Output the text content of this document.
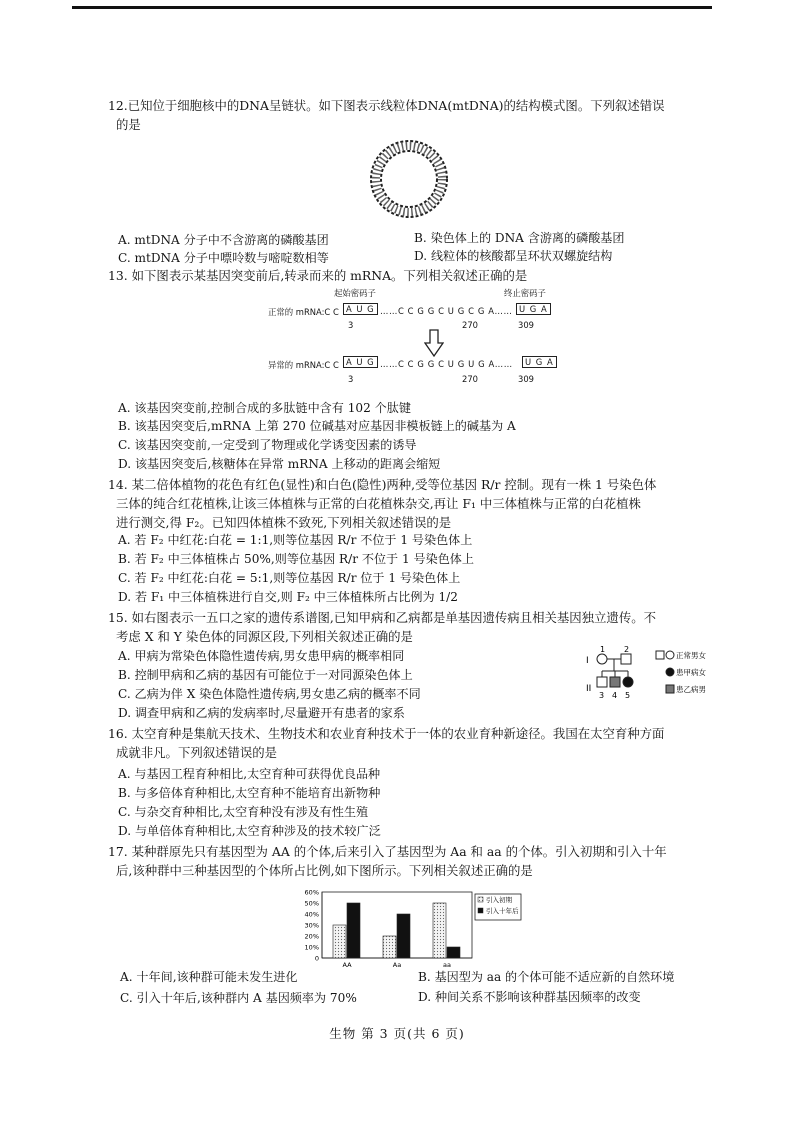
12.已知位于细胞核中的DNA呈链状。如下图表示线粒体DNA(mtDNA)的结构模式图。下列叙述错误
的是
A. mtDNA 分子中不含游离的磷酸基团	B. 染色体上的 DNA 含游离的磷酸基团
C. mtDNA 分子中嘌呤数与嘧啶数相等	D. 线粒体的核酸都呈环状双螺旋结构
13. 如下图表示某基因突变前后,转录而来的 mRNA。下列相关叙述正确的是
起始密码子	终止密码子
正常的 mRNA:C C A U G ……C C G G C U G C G A…… U G A
3	270	309
异常的 mRNA:C C A U G ……C C G G C U G U G A……	U G A
3	270	309
A. 该基因突变前,控制合成的多肽链中含有 102 个肽键
B. 该基因突变后,mRNA 上第 270 位碱基对应基因非模板链上的碱基为 A
C. 该基因突变前,一定受到了物理或化学诱变因素的诱导
D. 该基因突变后,核糖体在异常 mRNA 上移动的距离会缩短
14. 某二倍体植物的花色有红色(显性)和白色(隐性)两种,受等位基因 R/r 控制。现有一株 1 号染色体
三体的纯合红花植株,让该三体植株与正常的白花植株杂交,再让 F₁ 中三体植株与正常的白花植株
进行测交,得 F₂。已知四体植株不致死,下列相关叙述错误的是
A. 若 F₂ 中红花:白花 = 1:1,则等位基因 R/r 不位于 1 号染色体上
B. 若 F₂ 中三体植株占 50%,则等位基因 R/r 不位于 1 号染色体上
C. 若 F₂ 中红花:白花 = 5:1,则等位基因 R/r 位于 1 号染色体上
D. 若 F₁ 中三体植株进行自交,则 F₂ 中三体植株所占比例为 1/2
15. 如右图表示一五口之家的遗传系谱图,已知甲病和乙病都是单基因遗传病且相关基因独立遗传。不
考虑 X 和 Y 染色体的同源区段,下列相关叙述正确的是
A. 甲病为常染色体隐性遗传病,男女患甲病的概率相同
B. 控制甲病和乙病的基因有可能位于一对同源染色体上
C. 乙病为伴 X 染色体隐性遗传病,男女患乙病的概率不同
D. 调查甲病和乙病的发病率时,尽量避开有患者的家系
I
II
1 2
3 4 5
正常男女
患甲病女
患乙病男
16. 太空育种是集航天技术、生物技术和农业育种技术于一体的农业育种新途径。我国在太空育种方面
成就非凡。下列叙述错误的是
A. 与基因工程育种相比,太空育种可获得优良品种
B. 与多倍体育种相比,太空育种不能培育出新物种
C. 与杂交育种相比,太空育种没有涉及有性生殖
D. 与单倍体育种相比,太空育种涉及的技术较广泛
17. 某种群原先只有基因型为 AA 的个体,后来引入了基因型为 Aa 和 aa 的个体。引入初期和引入十年
后,该种群中三种基因型的个体所占比例,如下图所示。下列相关叙述正确的是
0
10%
20%
30%
40%
50%
60%
AA	Aa	aa
引入初期
引入十年后
A. 十年间,该种群可能未发生进化	B. 基因型为 aa 的个体可能不适应新的自然环境
C. 引入十年后,该种群内 A 基因频率为 70%	D. 种间关系不影响该种群基因频率的改变
生物 第 3 页(共 6 页)
